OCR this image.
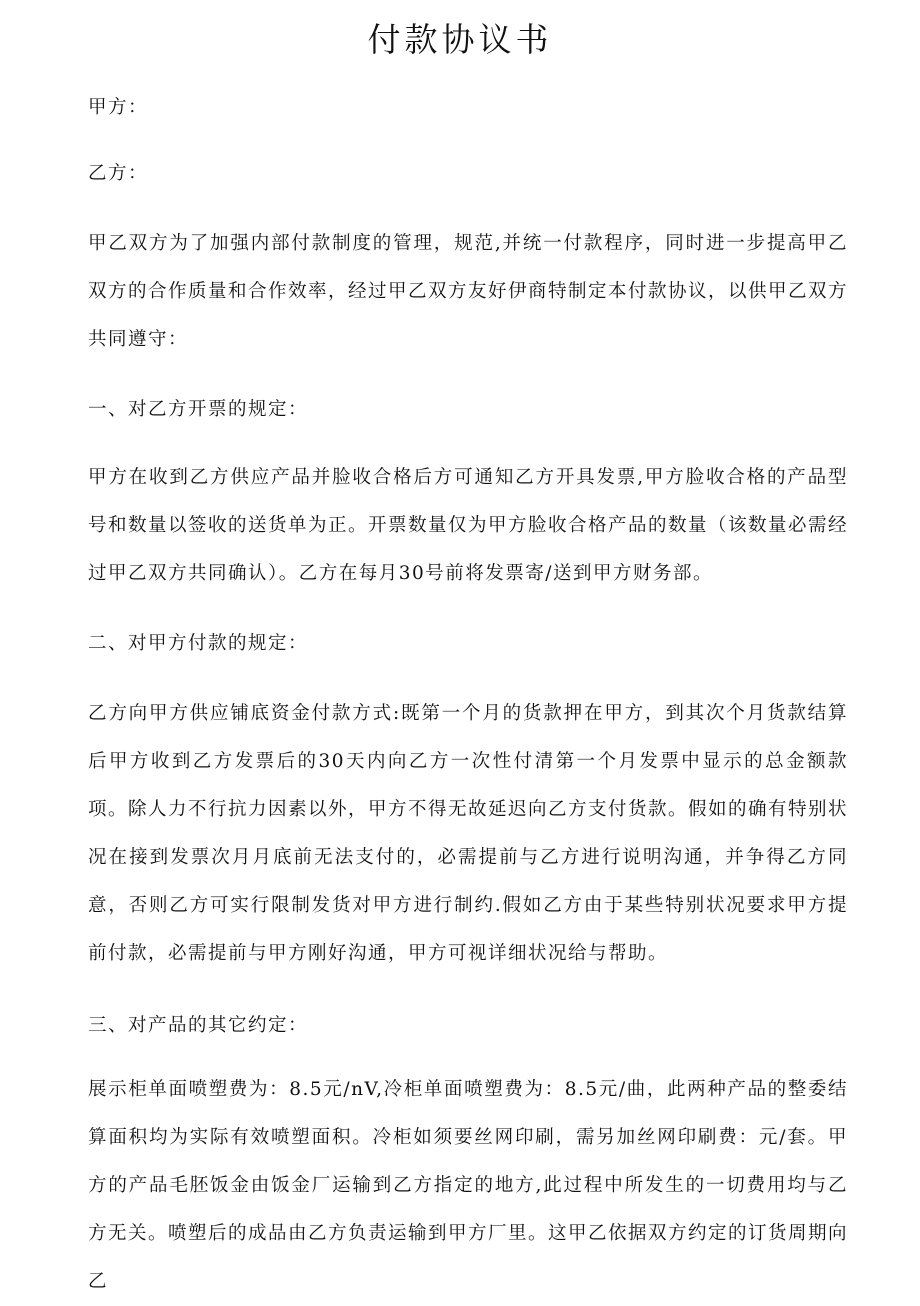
付款协议书

甲方：

乙方：

甲乙双方为了加强内部付款制度的管理，规范,并统一付款程序，同时进一步提高甲乙双方的合作质量和合作效率，经过甲乙双方友好伊商特制定本付款协议，以供甲乙双方共同遵守：

一、对乙方开票的规定：

甲方在收到乙方供应产品并脸收合格后方可通知乙方开具发票,甲方脸收合格的产品型号和数量以签收的送货单为正。开票数量仅为甲方脸收合格产品的数量（该数量必需经过甲乙双方共同确认）。乙方在每月30号前将发票寄/送到甲方财务部。

二、对甲方付款的规定：

乙方向甲方供应铺底资金付款方式:既第一个月的货款押在甲方，到其次个月货款结算后甲方收到乙方发票后的30天内向乙方一次性付清第一个月发票中显示的总金额款项。除人力不行抗力因素以外，甲方不得无故延迟向乙方支付货款。假如的确有特别状况在接到发票次月月底前无法支付的，必需提前与乙方进行说明沟通，并争得乙方同意，否则乙方可实行限制发货对甲方进行制约.假如乙方由于某些特别状况要求甲方提前付款，必需提前与甲方刚好沟通，甲方可视详细状况给与帮助。

三、对产品的其它约定：

展示柜单面喷塑费为：8.5元/nV,冷柜单面喷塑费为：8.5元/曲，此两种产品的整委结算面积均为实际有效喷塑面积。冷柜如须要丝网印刷，需另加丝网印刷费：元/套。甲方的产品毛胚饭金由饭金厂运输到乙方指定的地方,此过程中所发生的一切费用均与乙方无关。喷塑后的成品由乙方负责运输到甲方厂里。这甲乙依据双方约定的订货周期向乙
